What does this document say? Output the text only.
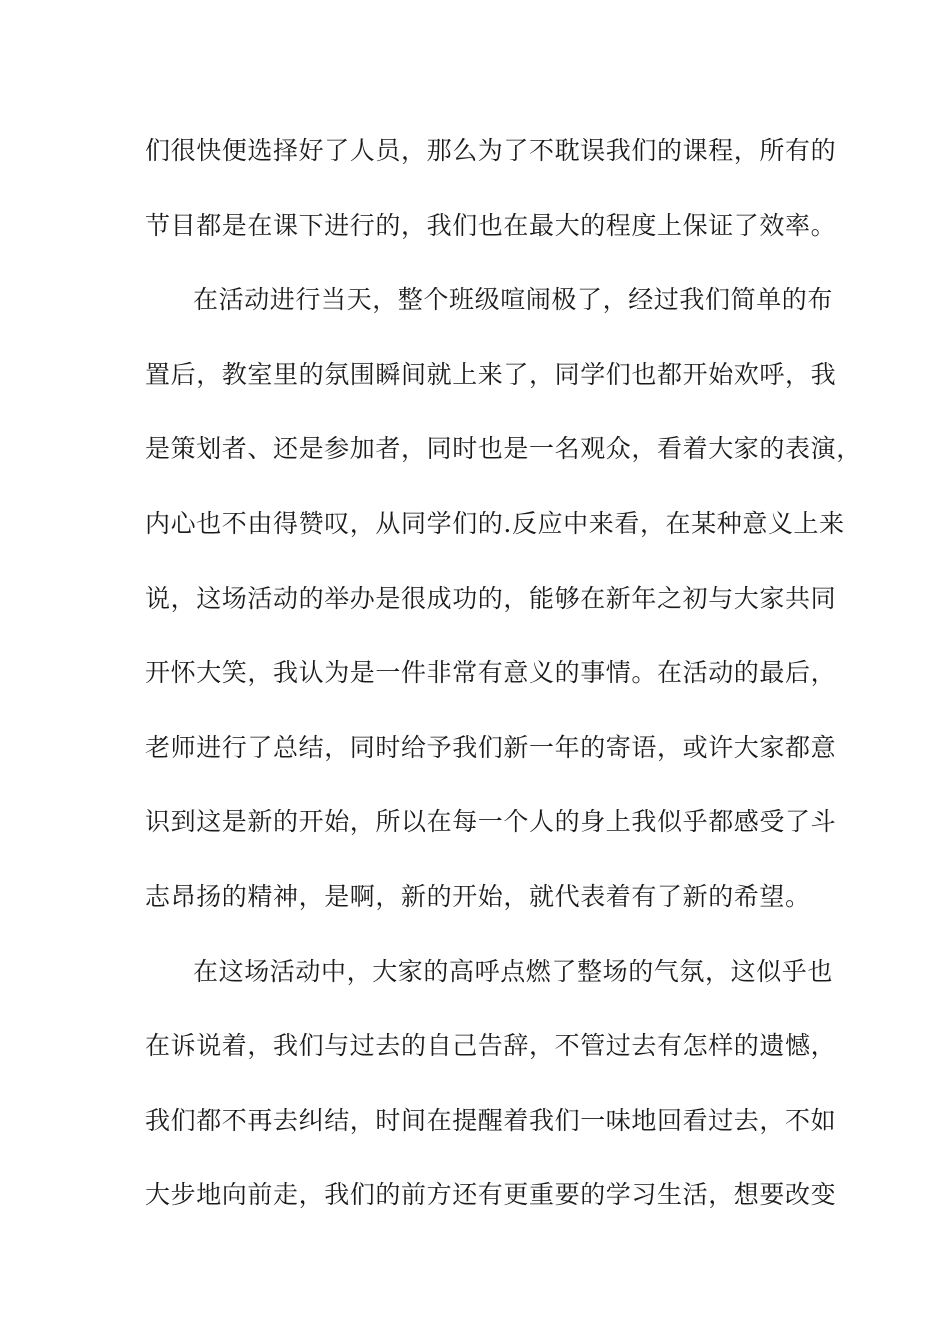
们很快便选择好了人员，那么为了不耽误我们的课程，所有的
节目都是在课下进行的，我们也在最大的程度上保证了效率。
在活动进行当天，整个班级喧闹极了，经过我们简单的布
置后，教室里的氛围瞬间就上来了，同学们也都开始欢呼，我
是策划者、还是参加者，同时也是一名观众，看着大家的表演，
内心也不由得赞叹，从同学们的.反应中来看，在某种意义上来
说，这场活动的举办是很成功的，能够在新年之初与大家共同
开怀大笑，我认为是一件非常有意义的事情。在活动的最后，
老师进行了总结，同时给予我们新一年的寄语，或许大家都意
识到这是新的开始，所以在每一个人的身上我似乎都感受了斗
志昂扬的精神，是啊，新的开始，就代表着有了新的希望。
在这场活动中，大家的高呼点燃了整场的气氛，这似乎也
在诉说着，我们与过去的自己告辞，不管过去有怎样的遗憾，
我们都不再去纠结，时间在提醒着我们一味地回看过去，不如
大步地向前走，我们的前方还有更重要的学习生活，想要改变
